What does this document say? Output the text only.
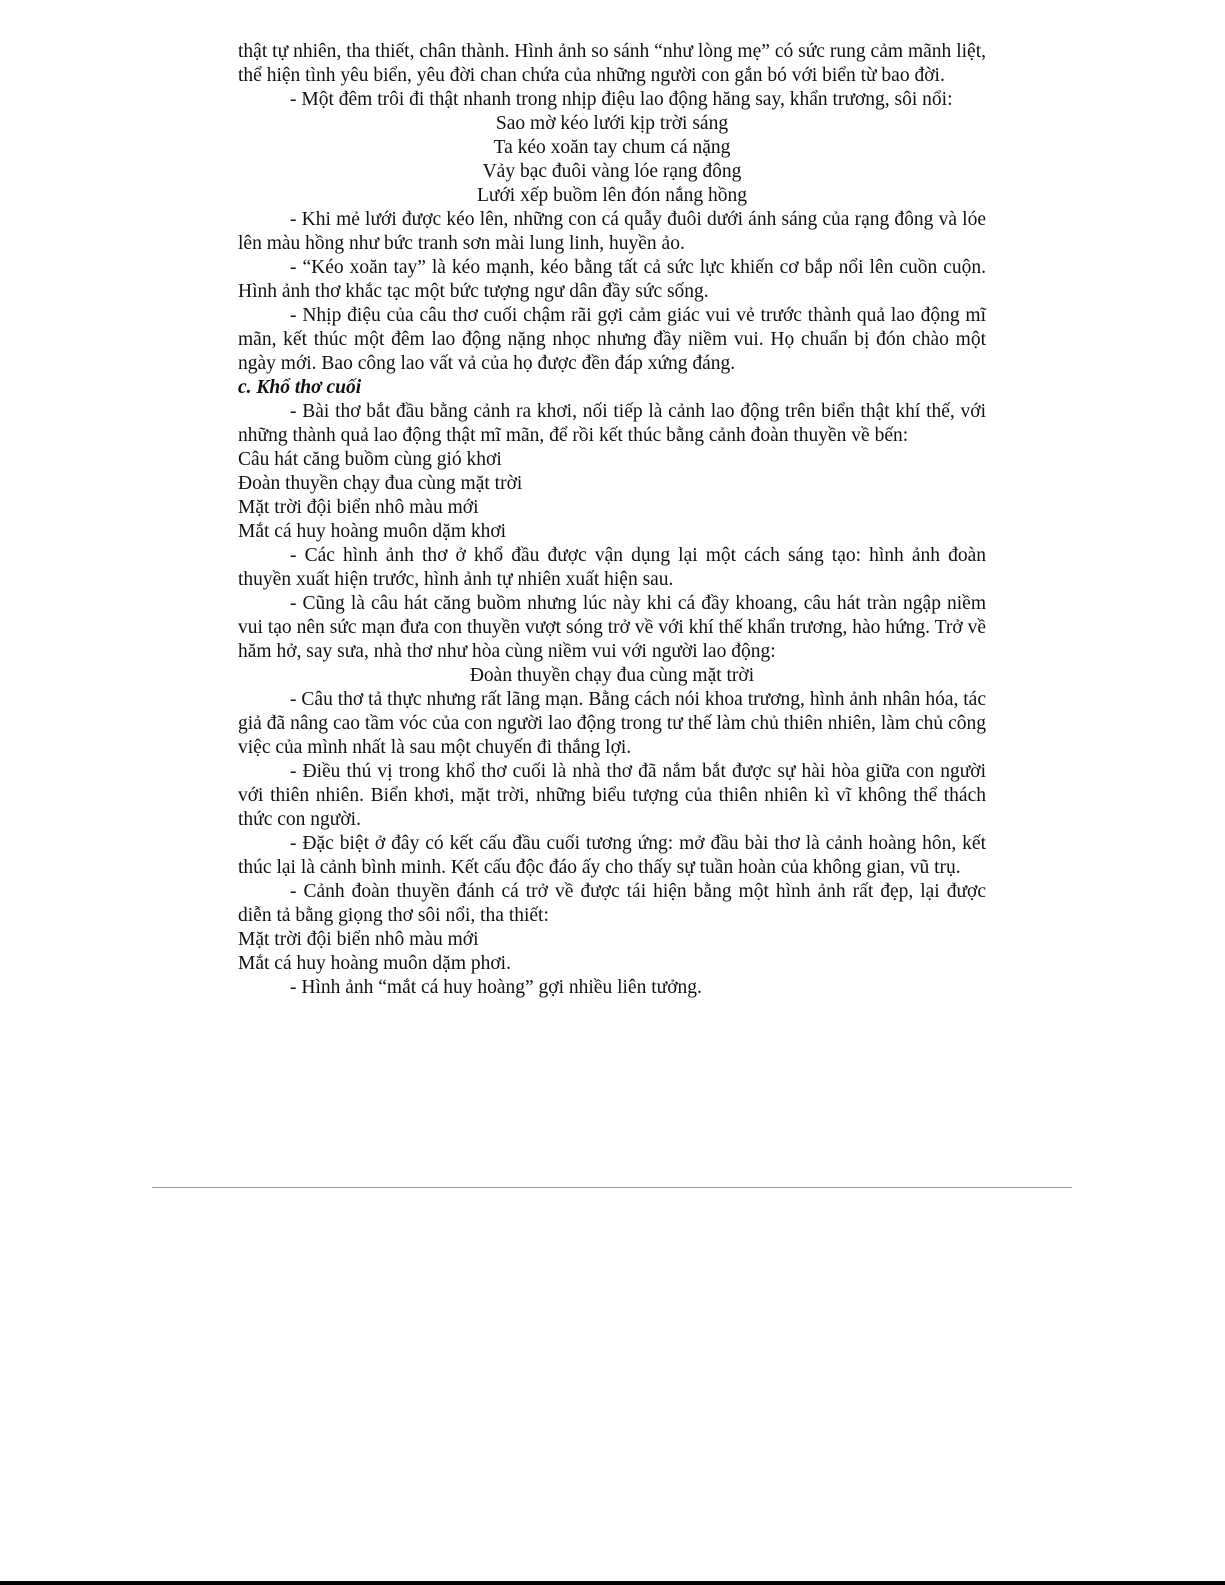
thật tự nhiên, tha thiết, chân thành. Hình ảnh so sánh “như lòng mẹ” có sức rung cảm mãnh liệt, thể hiện tình yêu biển, yêu đời chan chứa của những người con gắn bó với biển từ bao đời.

- Một đêm trôi đi thật nhanh trong nhịp điệu lao động hăng say, khẩn trương, sôi nổi:

Sao mờ kéo lưới kịp trời sáng

Ta kéo xoăn tay chum cá nặng

Vảy bạc đuôi vàng lóe rạng đông

Lưới xếp buồm lên đón nắng hồng

- Khi mẻ lưới được kéo lên, những con cá quẫy đuôi dưới ánh sáng của rạng đông và lóe lên màu hồng như bức tranh sơn mài lung linh, huyền ảo.

- “Kéo xoăn tay” là kéo mạnh, kéo bằng tất cả sức lực khiến cơ bắp nổi lên cuồn cuộn. Hình ảnh thơ khắc tạc một bức tượng ngư dân đầy sức sống.

- Nhịp điệu của câu thơ cuối chậm rãi gợi cảm giác vui vẻ trước thành quả lao động mĩ mãn, kết thúc một đêm lao động nặng nhọc nhưng đầy niềm vui. Họ chuẩn bị đón chào một ngày mới. Bao công lao vất vả của họ được đền đáp xứng đáng.

c. Khổ thơ cuối

- Bài thơ bắt đầu bằng cảnh ra khơi, nối tiếp là cảnh lao động trên biển thật khí thế, với những thành quả lao động thật mĩ mãn, để rồi kết thúc bằng cảnh đoàn thuyền về bến:

Câu hát căng buồm cùng gió khơi

Đoàn thuyền chạy đua cùng mặt trời

Mặt trời đội biển nhô màu mới

Mắt cá huy hoàng muôn dặm khơi

- Các hình ảnh thơ ở khổ đầu được vận dụng lại một cách sáng tạo: hình ảnh đoàn thuyền xuất hiện trước, hình ảnh tự nhiên xuất hiện sau.

- Cũng là câu hát căng buồm nhưng lúc này khi cá đầy khoang, câu hát tràn ngập niềm vui tạo nên sức mạn đưa con thuyền vượt sóng trở về với khí thế khẩn trương, hào hứng. Trở về hăm hở, say sưa, nhà thơ như hòa cùng niềm vui với người lao động:

Đoàn thuyền chạy đua cùng mặt trời

- Câu thơ tả thực nhưng rất lãng mạn. Bằng cách nói khoa trương, hình ảnh nhân hóa, tác giả đã nâng cao tầm vóc của con người lao động trong tư thế làm chủ thiên nhiên, làm chủ công việc của mình nhất là sau một chuyến đi thắng lợi.

- Điều thú vị trong khổ thơ cuối là nhà thơ đã nắm bắt được sự hài hòa giữa con người với thiên nhiên. Biển khơi, mặt trời, những biểu tượng của thiên nhiên kì vĩ không thể thách thức con người.

- Đặc biệt ở đây có kết cấu đầu cuối tương ứng: mở đầu bài thơ là cảnh hoàng hôn, kết thúc lại là cảnh bình minh. Kết cấu độc đáo ấy cho thấy sự tuần hoàn của không gian, vũ trụ.

- Cảnh đoàn thuyền đánh cá trở về được tái hiện bằng một hình ảnh rất đẹp, lại được diễn tả bằng giọng thơ sôi nổi, tha thiết:

Mặt trời đội biển nhô màu mới

Mắt cá huy hoàng muôn dặm phơi.

- Hình ảnh “mắt cá huy hoàng” gợi nhiều liên tưởng.
